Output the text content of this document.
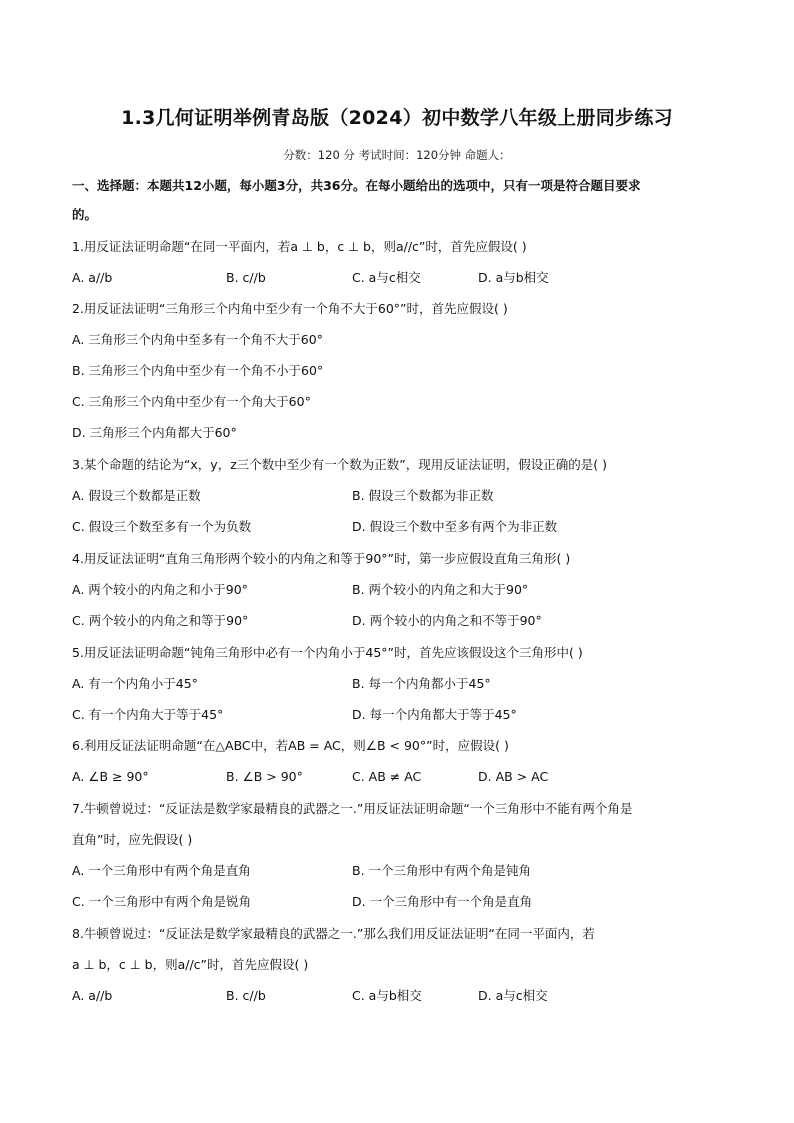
1.3几何证明举例青岛版（2024）初中数学八年级上册同步练习
分数：120 分 考试时间：120分钟 命题人：
一、选择题：本题共12小题，每小题3分，共36分。在每小题给出的选项中，只有一项是符合题目要求
的。
1.用反证法证明命题“在同一平面内，若a ⊥ b，c ⊥ b，则a//c”时，首先应假设( )
A. a//b	B. c//b	C. a与c相交	D. a与b相交
2.用反证法证明“三角形三个内角中至少有一个角不大于60°”时，首先应假设( )
A. 三角形三个内角中至多有一个角不大于60°
B. 三角形三个内角中至少有一个角不小于60°
C. 三角形三个内角中至少有一个角大于60°
D. 三角形三个内角都大于60°
3.某个命题的结论为“x，y，z三个数中至少有一个数为正数”，现用反证法证明，假设正确的是( )
A. 假设三个数都是正数	B. 假设三个数都为非正数
C. 假设三个数至多有一个为负数	D. 假设三个数中至多有两个为非正数
4.用反证法证明“直角三角形两个较小的内角之和等于90°”时，第一步应假设直角三角形( )
A. 两个较小的内角之和小于90°	B. 两个较小的内角之和大于90°
C. 两个较小的内角之和等于90°	D. 两个较小的内角之和不等于90°
5.用反证法证明命题“钝角三角形中必有一个内角小于45°”时，首先应该假设这个三角形中( )
A. 有一个内角小于45°	B. 每一个内角都小于45°
C. 有一个内角大于等于45°	D. 每一个内角都大于等于45°
6.利用反证法证明命题“在△ABC中，若AB = AC，则∠B < 90°”时，应假设( )
A. ∠B ≥ 90°	B. ∠B > 90°	C. AB ≠ AC	D. AB > AC
7.牛顿曾说过：“反证法是数学家最精良的武器之一.”用反证法证明命题“一个三角形中不能有两个角是
直角”时，应先假设( )
A. 一个三角形中有两个角是直角	B. 一个三角形中有两个角是钝角
C. 一个三角形中有两个角是锐角	D. 一个三角形中有一个角是直角
8.牛顿曾说过：“反证法是数学家最精良的武器之一.”那么我们用反证法证明“在同一平面内，若
a ⊥ b，c ⊥ b，则a//c”时，首先应假设( )
A. a//b	B. c//b	C. a与b相交	D. a与c相交
